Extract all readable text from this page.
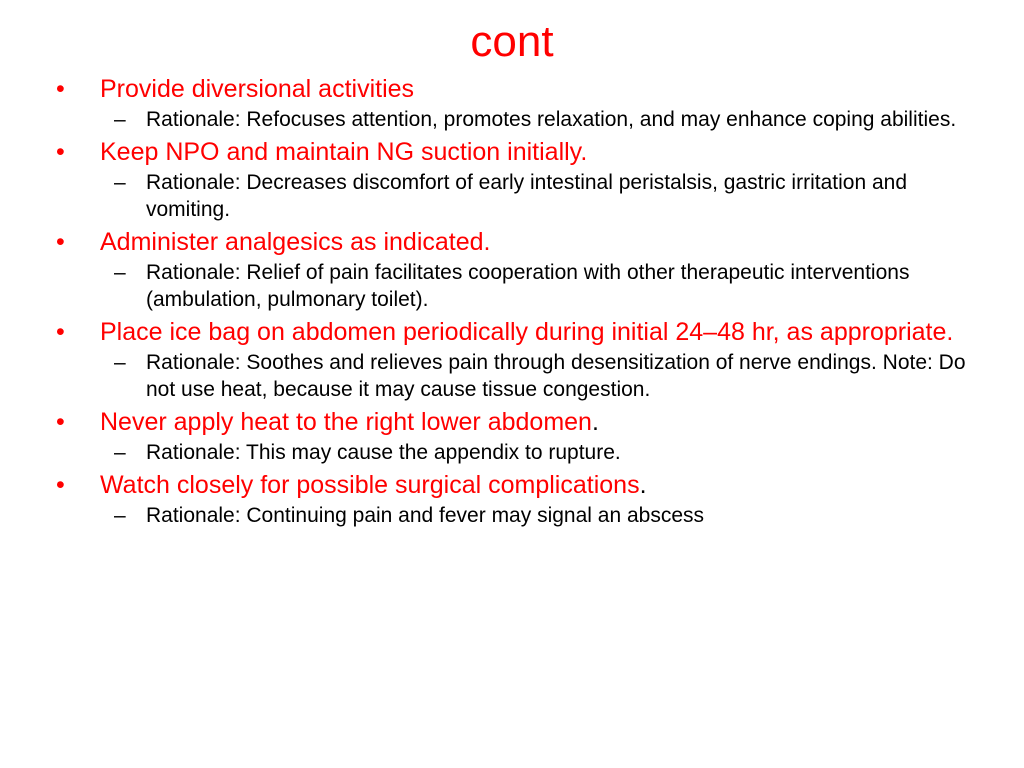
cont
• Provide diversional activities
– Rationale: Refocuses attention, promotes relaxation, and may enhance coping abilities.
• Keep NPO and maintain NG suction initially.
– Rationale: Decreases discomfort of early intestinal peristalsis, gastric irritation and vomiting.
• Administer analgesics as indicated.
– Rationale: Relief of pain facilitates cooperation with other therapeutic interventions (ambulation, pulmonary toilet).
• Place ice bag on abdomen periodically during initial 24–48 hr, as appropriate.
– Rationale: Soothes and relieves pain through desensitization of nerve endings. Note: Do not use heat, because it may cause tissue congestion.
• Never apply heat to the right lower abdomen.
– Rationale: This may cause the appendix to rupture.
• Watch closely for possible surgical complications.
– Rationale: Continuing pain and fever may signal an abscess
